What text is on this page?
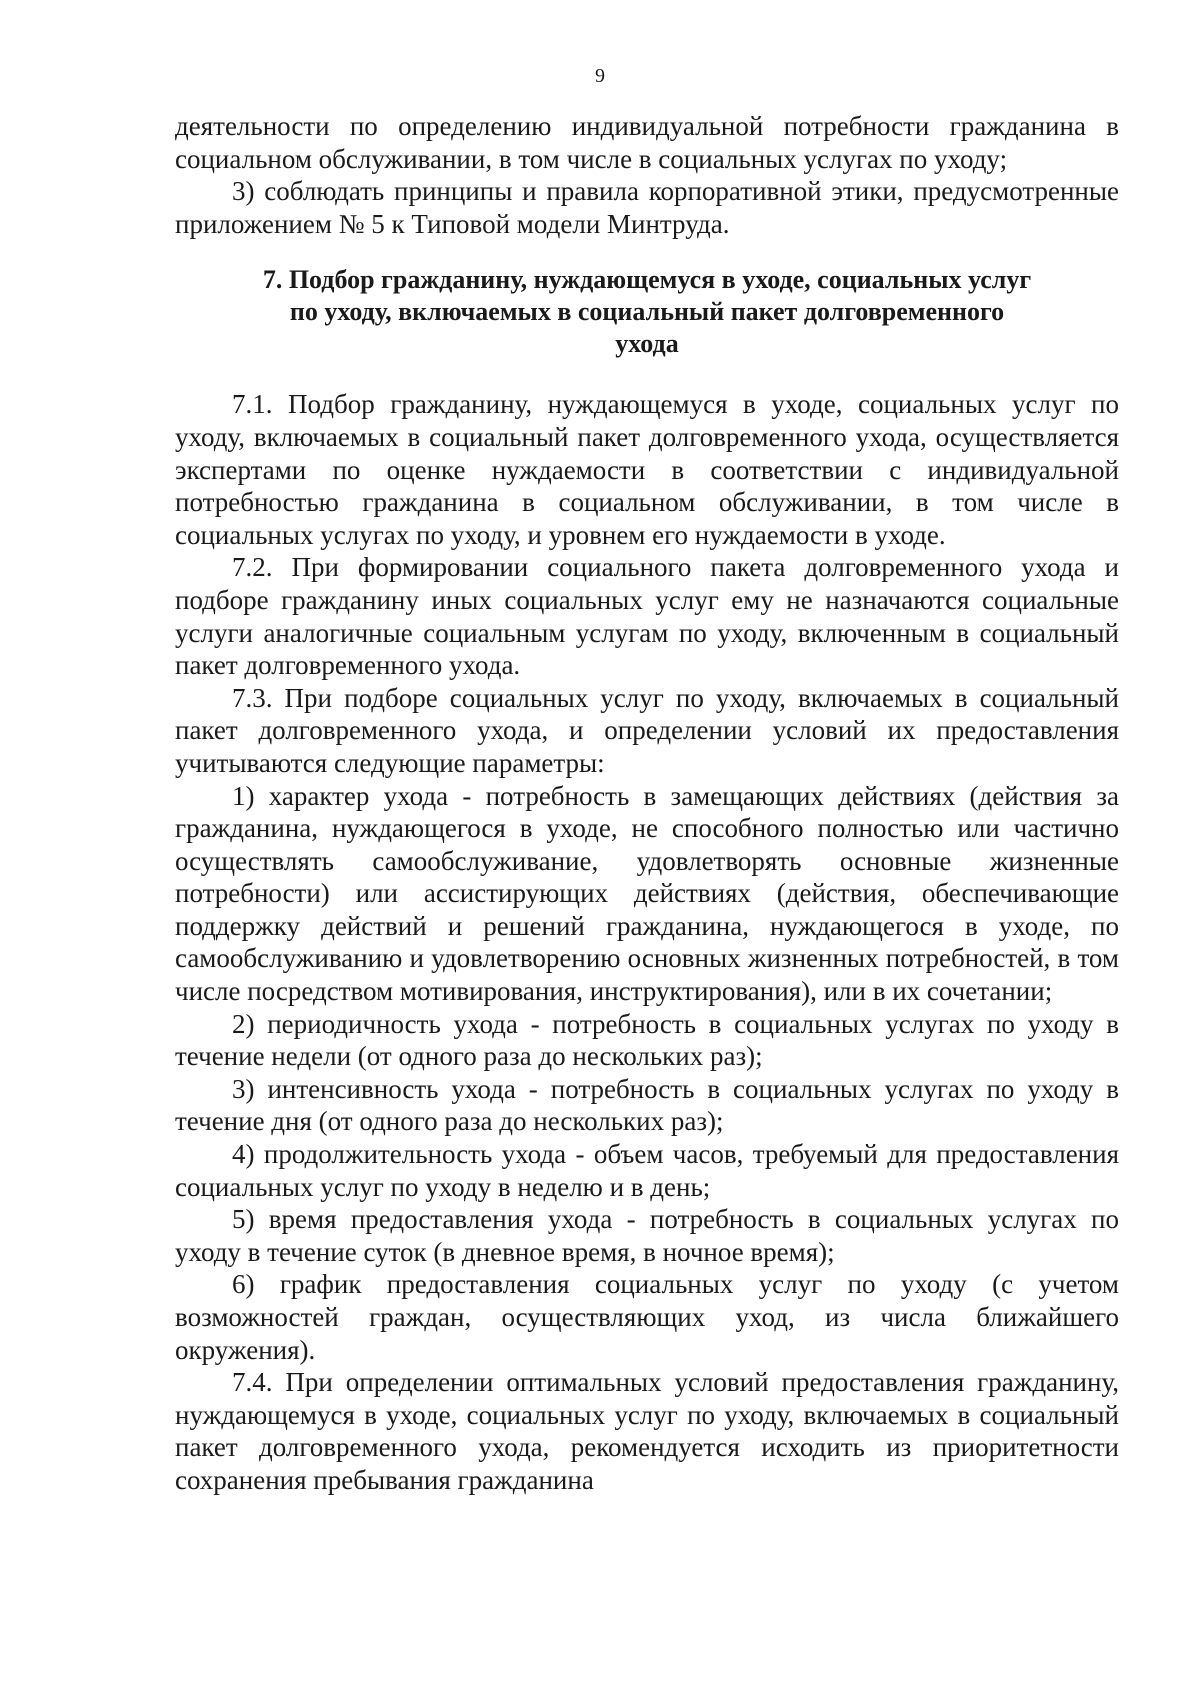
9

деятельности по определению индивидуальной потребности гражданина в социальном обслуживании, в том числе в социальных услугах по уходу;

3) соблюдать принципы и правила корпоративной этики, предусмотренные приложением № 5 к Типовой модели Минтруда.

7. Подбор гражданину, нуждающемуся в уходе, социальных услуг
по уходу, включаемых в социальный пакет долговременного
ухода

7.1. Подбор гражданину, нуждающемуся в уходе, социальных услуг по уходу, включаемых в социальный пакет долговременного ухода, осуществляется экспертами по оценке нуждаемости в соответствии с индивидуальной потребностью гражданина в социальном обслуживании, в том числе в социальных услугах по уходу, и уровнем его нуждаемости в уходе.

7.2. При формировании социального пакета долговременного ухода и подборе гражданину иных социальных услуг ему не назначаются социальные услуги аналогичные социальным услугам по уходу, включенным в социальный пакет долговременного ухода.

7.3. При подборе социальных услуг по уходу, включаемых в социальный пакет долговременного ухода, и определении условий их предоставления учитываются следующие параметры:

1) характер ухода - потребность в замещающих действиях (действия за гражданина, нуждающегося в уходе, не способного полностью или частично осуществлять самообслуживание, удовлетворять основные жизненные потребности) или ассистирующих действиях (действия, обеспечивающие поддержку действий и решений гражданина, нуждающегося в уходе, по самообслуживанию и удовлетворению основных жизненных потребностей, в том числе посредством мотивирования, инструктирования), или в их сочетании;

2) периодичность ухода - потребность в социальных услугах по уходу в течение недели (от одного раза до нескольких раз);

3) интенсивность ухода - потребность в социальных услугах по уходу в течение дня (от одного раза до нескольких раз);

4) продолжительность ухода - объем часов, требуемый для предоставления социальных услуг по уходу в неделю и в день;

5) время предоставления ухода - потребность в социальных услугах по уходу в течение суток (в дневное время, в ночное время);

6) график предоставления социальных услуг по уходу (с учетом возможностей граждан, осуществляющих уход, из числа ближайшего окружения).

7.4. При определении оптимальных условий предоставления гражданину, нуждающемуся в уходе, социальных услуг по уходу, включаемых в социальный пакет долговременного ухода, рекомендуется исходить из приоритетности сохранения пребывания гражданина
